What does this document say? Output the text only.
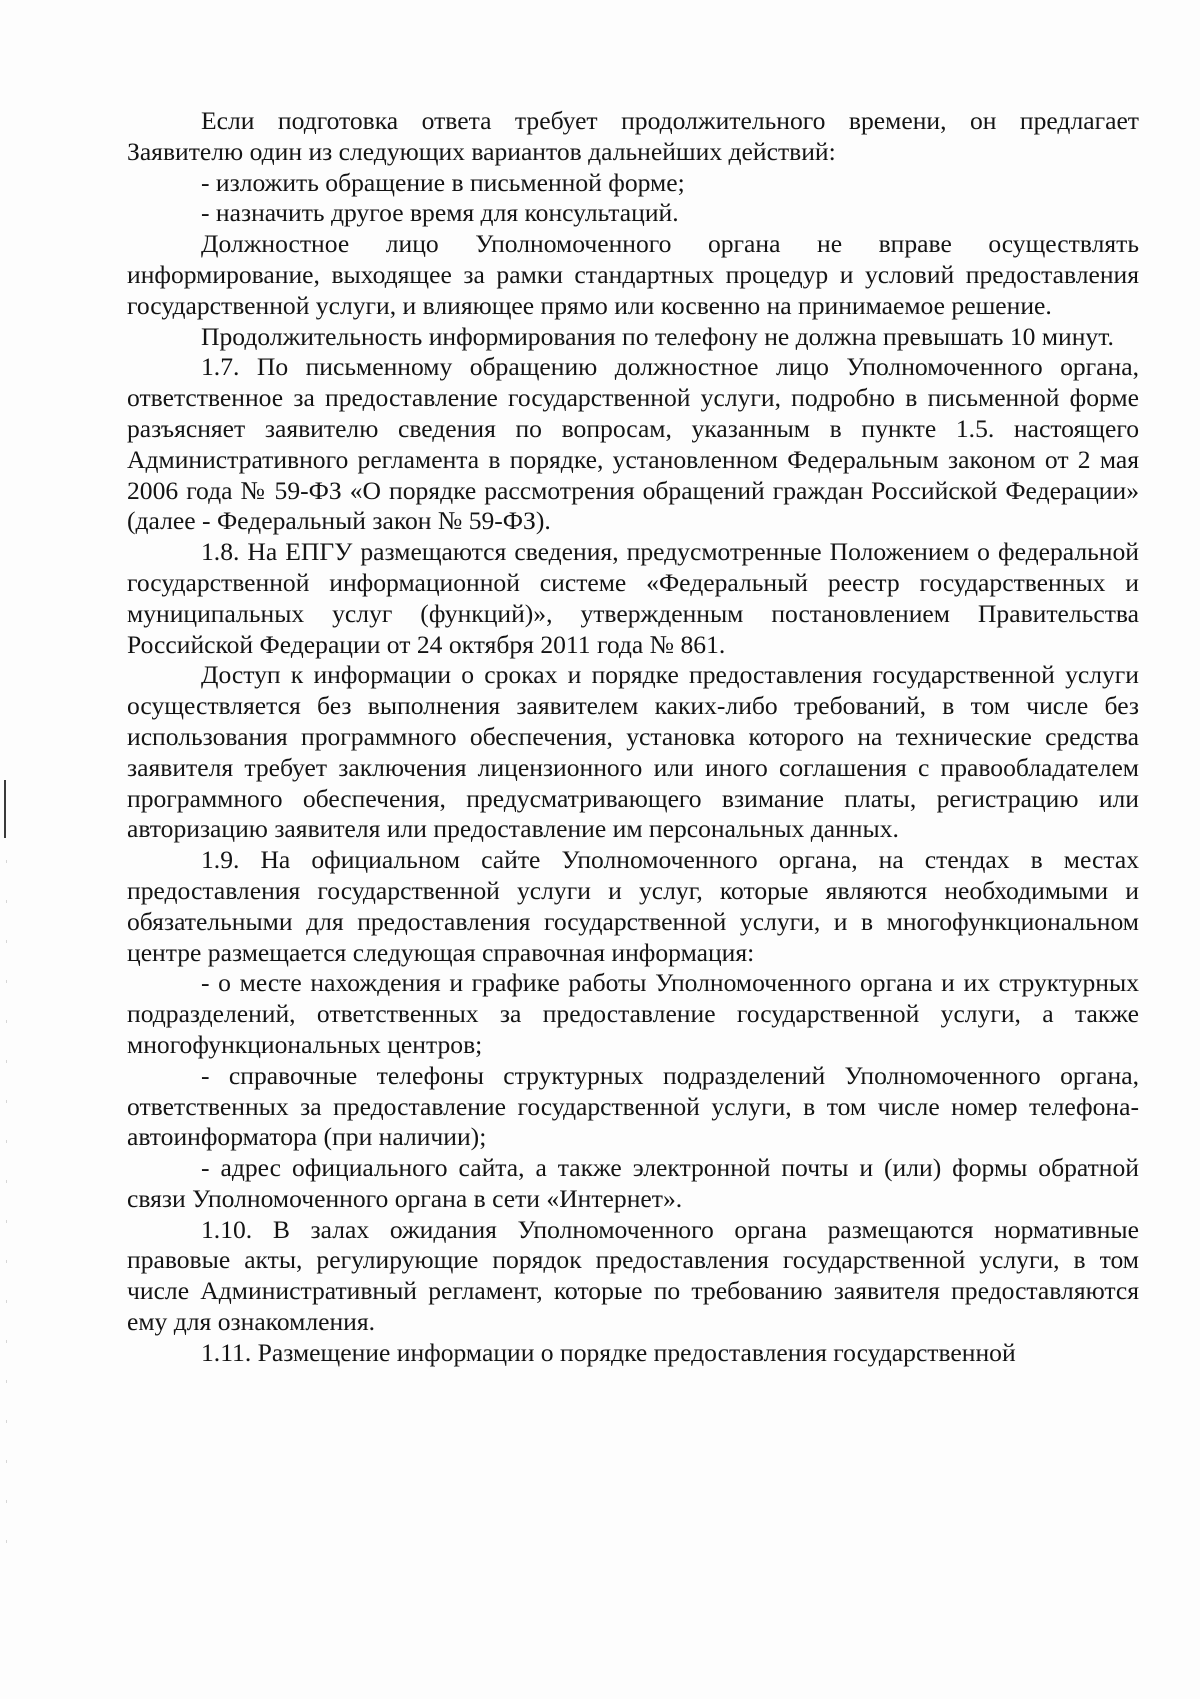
Если подготовка ответа требует продолжительного времени, он предлагает Заявителю один из следующих вариантов дальнейших действий:

- изложить обращение в письменной форме;

- назначить другое время для консультаций.

Должностное лицо Уполномоченного органа не вправе осуществлять информирование, выходящее за рамки стандартных процедур и условий предоставления государственной услуги, и влияющее прямо или косвенно на принимаемое решение.

Продолжительность информирования по телефону не должна превышать 10 минут.

1.7. По письменному обращению должностное лицо Уполномоченного органа, ответственное за предоставление государственной услуги, подробно в письменной форме разъясняет заявителю сведения по вопросам, указанным в пункте 1.5. настоящего Административного регламента в порядке, установленном Федеральным законом от 2 мая 2006 года № 59-ФЗ «О порядке рассмотрения обращений граждан Российской Федерации» (далее - Федеральный закон № 59-ФЗ).

1.8. На ЕПГУ размещаются сведения, предусмотренные Положением о федеральной государственной информационной системе «Федеральный реестр государственных и муниципальных услуг (функций)», утвержденным постановлением Правительства Российской Федерации от 24 октября 2011 года № 861.

Доступ к информации о сроках и порядке предоставления государственной услуги осуществляется без выполнения заявителем каких-либо требований, в том числе без использования программного обеспечения, установка которого на технические средства заявителя требует заключения лицензионного или иного соглашения с правообладателем программного обеспечения, предусматривающего взимание платы, регистрацию или авторизацию заявителя или предоставление им персональных данных.

1.9. На официальном сайте Уполномоченного органа, на стендах в местах предоставления государственной услуги и услуг, которые являются необходимыми и обязательными для предоставления государственной услуги, и в многофункциональном центре размещается следующая справочная информация:

- о месте нахождения и графике работы Уполномоченного органа и их структурных подразделений, ответственных за предоставление государственной услуги, а также многофункциональных центров;

- справочные телефоны структурных подразделений Уполномоченного органа, ответственных за предоставление государственной услуги, в том числе номер телефона-автоинформатора (при наличии);

- адрес официального сайта, а также электронной почты и (или) формы обратной связи Уполномоченного органа в сети «Интернет».

1.10. В залах ожидания Уполномоченного органа размещаются нормативные правовые акты, регулирующие порядок предоставления государственной услуги, в том числе Административный регламент, которые по требованию заявителя предоставляются ему для ознакомления.

1.11. Размещение информации о порядке предоставления государственной
